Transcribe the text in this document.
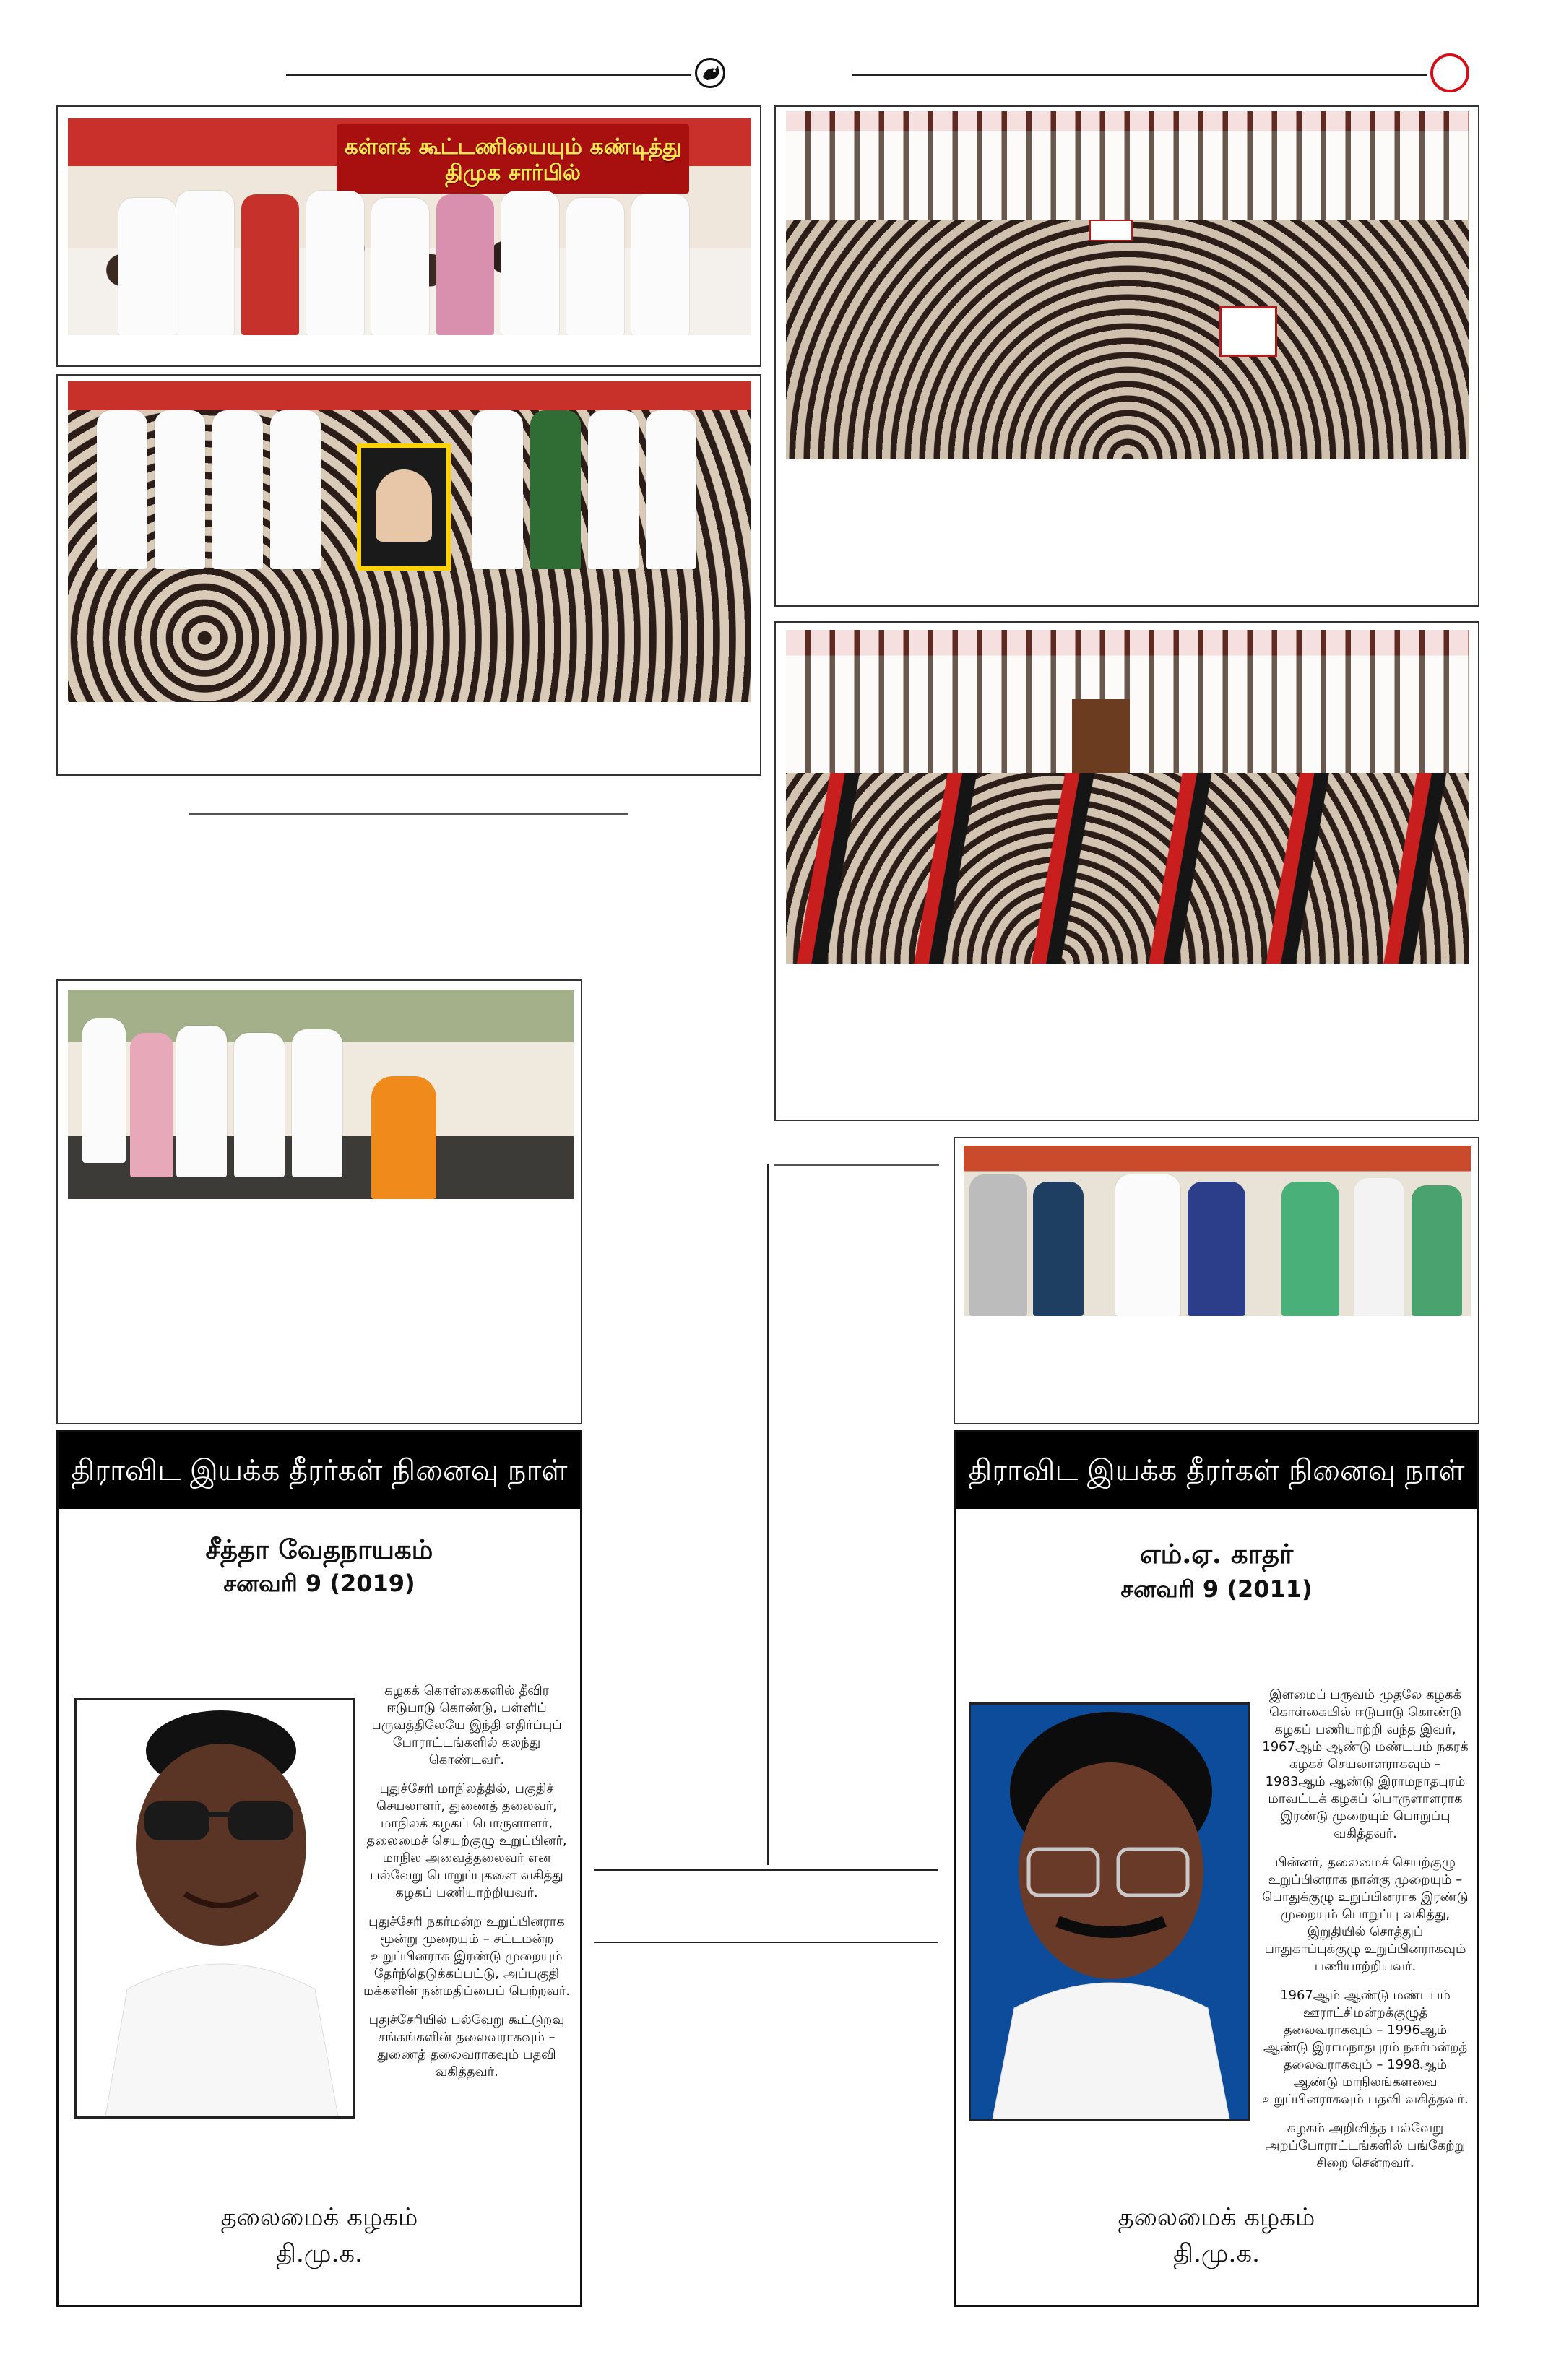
கள்ளக் கூட்டணியையும் கண்டித்து திமுக சார்பில்
திராவிட இயக்க தீரர்கள் நினைவு நாள்
சீத்தா வேதநாயகம்
சனவரி 9 (2019)

கழகக் கொள்கைகளில் தீவிர ஈடுபாடு கொண்டு, பள்ளிப் பருவத்திலேயே இந்தி எதிர்ப்புப் போராட்டங்களில் கலந்து கொண்டவர்.

புதுச்சேரி மாநிலத்தில், பகுதிச் செயலாளர், துணைத் தலைவர், மாநிலக் கழகப் பொருளாளர், தலைமைச் செயற்குழு உறுப்பினர், மாநில அவைத்தலைவர் என பல்வேறு பொறுப்புகளை வகித்து கழகப் பணியாற்றியவர்.

புதுச்சேரி நகர்மன்ற உறுப்பினராக மூன்று முறையும் – சட்டமன்ற உறுப்பினராக இரண்டு முறையும் தேர்ந்தெடுக்கப்பட்டு, அப்பகுதி மக்களின் நன்மதிப்பைப் பெற்றவர்.

புதுச்சேரியில் பல்வேறு கூட்டுறவு சங்கங்களின் தலைவராகவும் – துணைத் தலைவராகவும் பதவி வகித்தவர்.

தலைமைக் கழகம்
தி.மு.க.
திராவிட இயக்க தீரர்கள் நினைவு நாள்
எம்.ஏ. காதர்
சனவரி 9 (2011)

இளமைப் பருவம் முதலே கழகக் கொள்கையில் ஈடுபாடு கொண்டு கழகப் பணியாற்றி வந்த இவர், 1967ஆம் ஆண்டு மண்டபம் நகரக் கழகச் செயலாளராகவும் – 1983ஆம் ஆண்டு இராமநாதபுரம் மாவட்டக் கழகப் பொருளாளராக இரண்டு முறையும் பொறுப்பு வகித்தவர்.

பின்னர், தலைமைச் செயற்குழு உறுப்பினராக நான்கு முறையும் – பொதுக்குழு உறுப்பினராக இரண்டு முறையும் பொறுப்பு வகித்து, இறுதியில் சொத்துப் பாதுகாப்புக்குழு உறுப்பினராகவும் பணியாற்றியவர்.

1967ஆம் ஆண்டு மண்டபம் ஊராட்சிமன்றக்குழுத் தலைவராகவும் – 1996ஆம் ஆண்டு இராமநாதபுரம் நகர்மன்றத் தலைவராகவும் – 1998ஆம் ஆண்டு மாநிலங்களவை உறுப்பினராகவும் பதவி வகித்தவர்.

கழகம் அறிவித்த பல்வேறு அறப்போராட்டங்களில் பங்கேற்று சிறை சென்றவர்.

தலைமைக் கழகம்
தி.மு.க.
